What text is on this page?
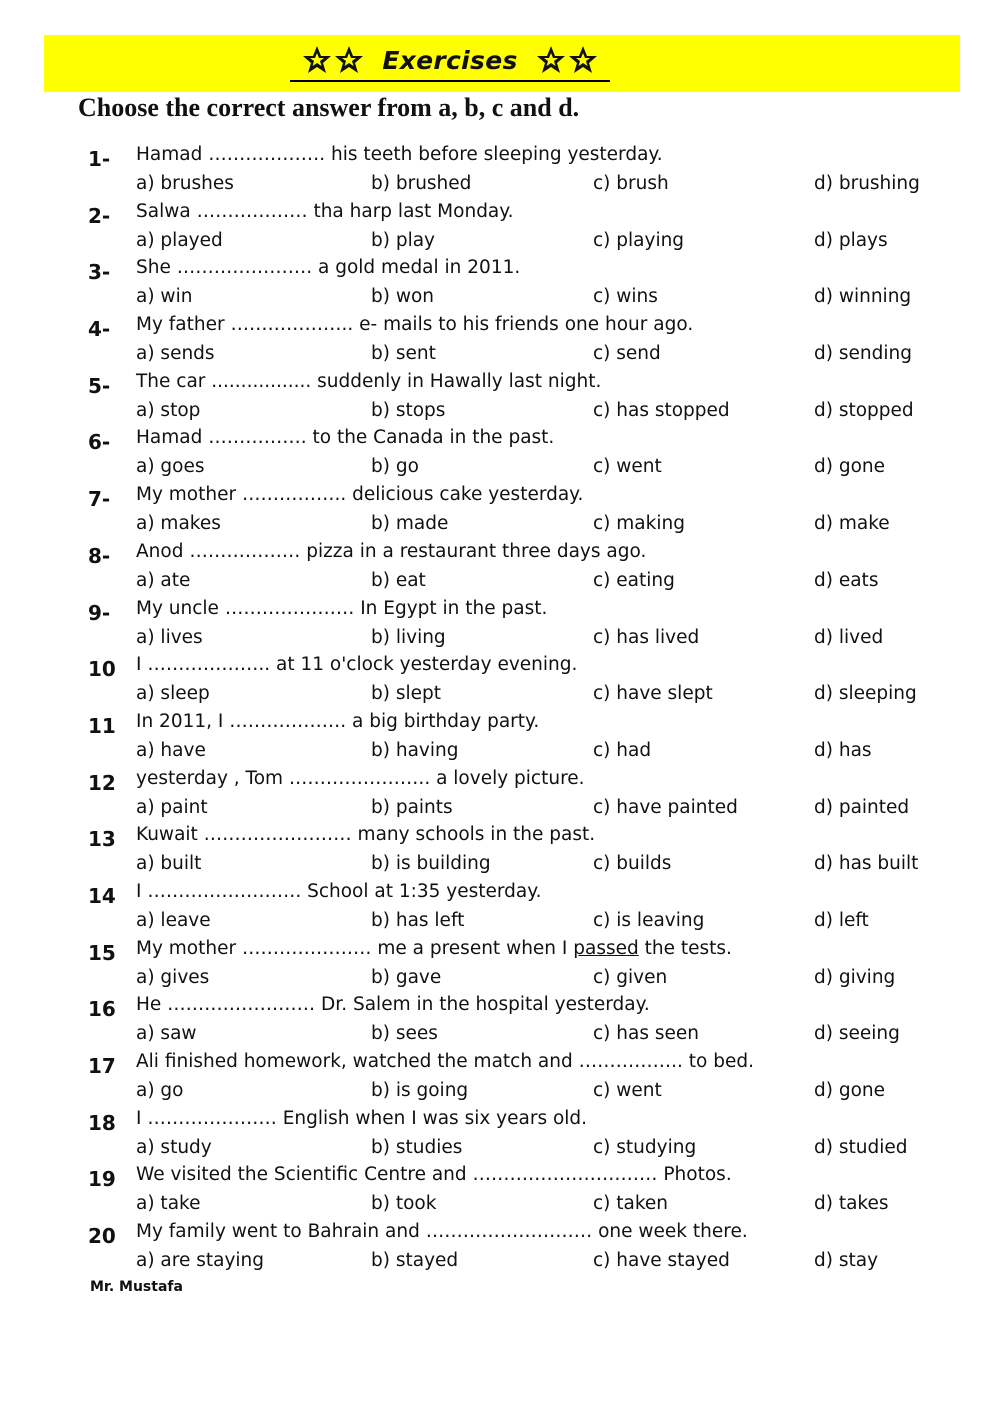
Exercises
Choose the correct answer from a, b, c and d.
1-	Hamad ………………. his teeth before sleeping yesterday.
a) brushes	b) brushed	c) brush	d) brushing
2-	Salwa ……………… tha harp last Monday.
a) played	b) play	c) playing	d) plays
3-	She …………………. a gold medal in 2011.
a) win	b) won	c) wins	d) winning
4-	My father ……………….. e- mails to his friends one hour ago.
a) sends	b) sent	c) send	d) sending
5-	The car ................. suddenly in Hawally last night.
a) stop	b) stops	c) has stopped	d) stopped
6-	Hamad ……………. to the Canada in the past.
a) goes	b) go	c) went	d) gone
7-	My mother …………….. delicious cake yesterday.
a) makes	b) made	c) making	d) make
8-	Anod ……………… pizza in a restaurant three days ago.
a) ate	b) eat	c) eating	d) eats
9-	My uncle ………………… In Egypt in the past.
a) lives	b) living	c) has lived	d) lived
10	I ……………….. at 11 o'clock yesterday evening.
a) sleep	b) slept	c) have slept	d) sleeping
11	In 2011, I ………………. a big birthday party.
a) have	b) having	c) had	d) has
12	yesterday , Tom ………………….. a lovely picture.
a) paint	b) paints	c) have painted	d) painted
13	Kuwait …………………… many schools in the past.
a) built	b) is building	c) builds	d) has built
14	I ……………………. School at 1:35 yesterday.
a) leave	b) has left	c) is leaving	d) left
15	My mother ………………… me a present when I passed the tests.
a) gives	b) gave	c) given	d) giving
16	He …………………… Dr. Salem in the hospital yesterday.
a) saw	b) sees	c) has seen	d) seeing
17	Ali finished homework, watched the match and …………….. to bed.
a) go	b) is going	c) went	d) gone
18	I ………………… English when I was six years old.
a) study	b) studies	c) studying	d) studied
19	We visited the Scientific Centre and ………………………… Photos.
a) take	b) took	c) taken	d) takes
20	My family went to Bahrain and ……………………… one week there.
a) are staying	b) stayed	c) have stayed	d) stay
Mr. Mustafa
